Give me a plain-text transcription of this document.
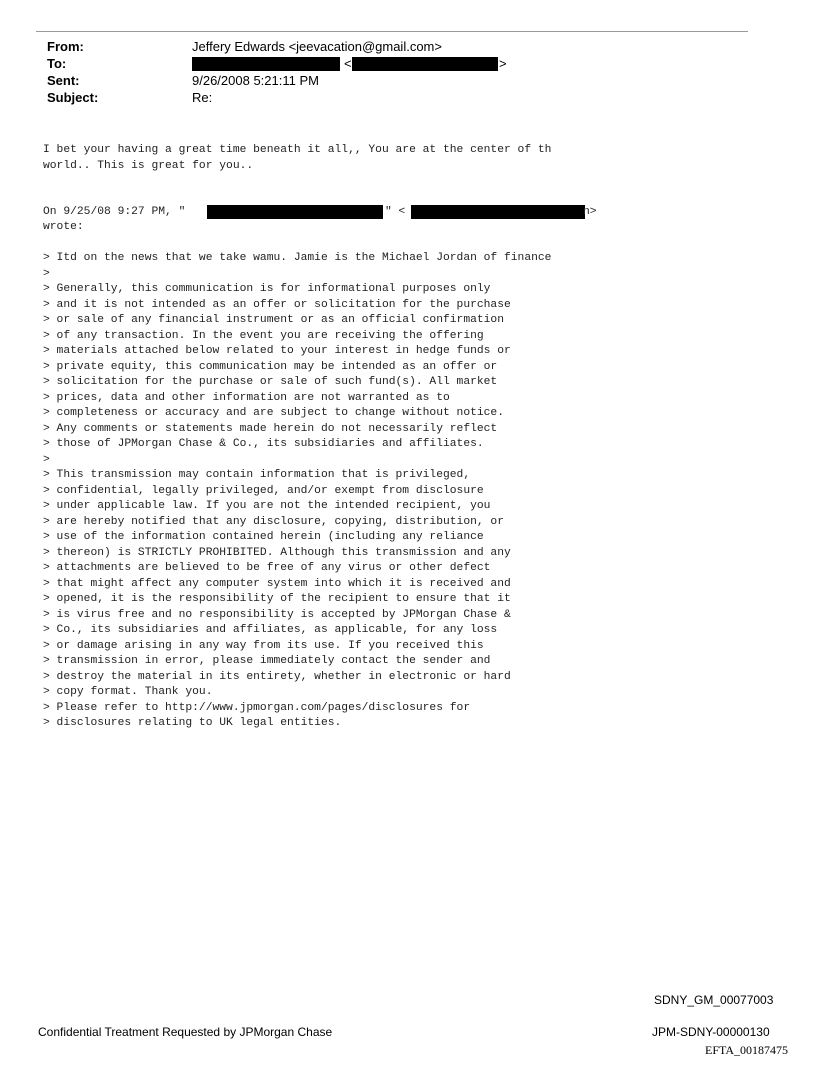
From:	Jeffery Edwards <jeevacation@gmail.com>
To:	<	>
Sent:	9/26/2008 5:21:11 PM
Subject:	Re:
I bet your having a great time beneath it all,, You are at the center of th
world.. This is great for you..
On 9/25/08 9:27 PM, "	" <	n>
wrote:
> Itd on the news that we take wamu. Jamie is the Michael Jordan of finance
>
> Generally, this communication is for informational purposes only
> and it is not intended as an offer or solicitation for the purchase
> or sale of any financial instrument or as an official confirmation
> of any transaction. In the event you are receiving the offering
> materials attached below related to your interest in hedge funds or
> private equity, this communication may be intended as an offer or
> solicitation for the purchase or sale of such fund(s). All market
> prices, data and other information are not warranted as to
> completeness or accuracy and are subject to change without notice.
> Any comments or statements made herein do not necessarily reflect
> those of JPMorgan Chase & Co., its subsidiaries and affiliates.
>
> This transmission may contain information that is privileged,
> confidential, legally privileged, and/or exempt from disclosure
> under applicable law. If you are not the intended recipient, you
> are hereby notified that any disclosure, copying, distribution, or
> use of the information contained herein (including any reliance
> thereon) is STRICTLY PROHIBITED. Although this transmission and any
> attachments are believed to be free of any virus or other defect
> that might affect any computer system into which it is received and
> opened, it is the responsibility of the recipient to ensure that it
> is virus free and no responsibility is accepted by JPMorgan Chase &
> Co., its subsidiaries and affiliates, as applicable, for any loss
> or damage arising in any way from its use. If you received this
> transmission in error, please immediately contact the sender and
> destroy the material in its entirety, whether in electronic or hard
> copy format. Thank you.
> Please refer to http://www.jpmorgan.com/pages/disclosures for
> disclosures relating to UK legal entities.
SDNY_GM_00077003
Confidential Treatment Requested by JPMorgan Chase	JPM-SDNY-00000130
EFTA_00187475
